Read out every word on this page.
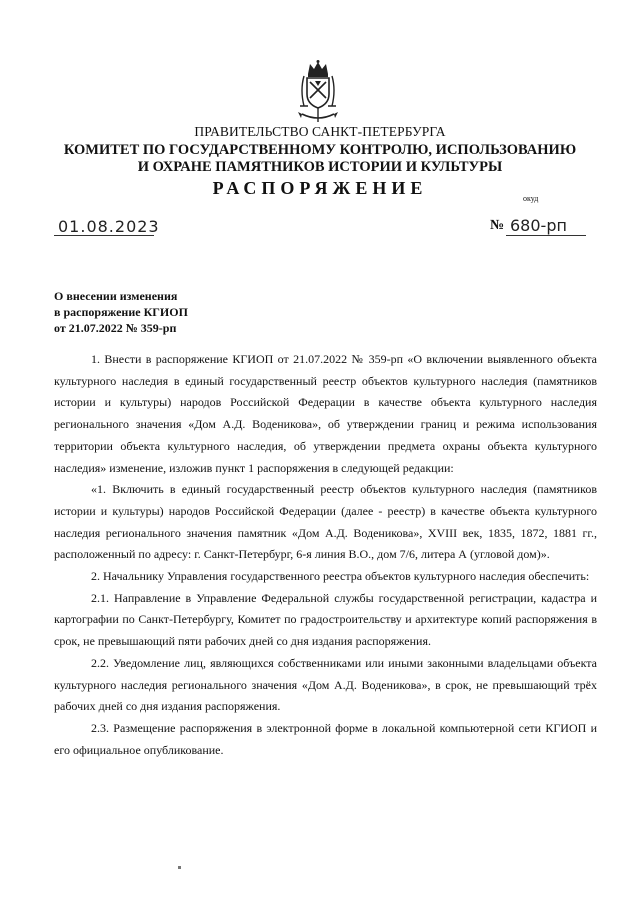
ПРАВИТЕЛЬСТВО САНКТ-ПЕТЕРБУРГА
КОМИТЕТ ПО ГОСУДАРСТВЕННОМУ КОНТРОЛЮ, ИСПОЛЬЗОВАНИЮ
И ОХРАНЕ ПАМЯТНИКОВ ИСТОРИИ И КУЛЬТУРЫ
РАСПОРЯЖЕНИЕ
окуд
01.08.2023	№ 680-рп
О внесении изменения
в распоряжение КГИОП
от 21.07.2022 № 359-рп

1. Внести в распоряжение КГИОП от 21.07.2022 № 359-рп «О включении выявленного объекта культурного наследия в единый государственный реестр объектов культурного наследия (памятников истории и культуры) народов Российской Федерации в качестве объекта культурного наследия регионального значения «Дом А.Д. Воденикова», об утверждении границ и режима использования территории объекта культурного наследия, об утверждении предмета охраны объекта культурного наследия» изменение, изложив пункт 1 распоряжения в следующей редакции:

«1. Включить в единый государственный реестр объектов культурного наследия (памятников истории и культуры) народов Российской Федерации (далее - реестр) в качестве объекта культурного наследия регионального значения памятник «Дом А.Д. Воденикова», XVIII век, 1835, 1872, 1881 гг., расположенный по адресу: г. Санкт-Петербург, 6-я линия В.О., дом 7/6, литера А (угловой дом)».

2. Начальнику Управления государственного реестра объектов культурного наследия обеспечить:

2.1. Направление в Управление Федеральной службы государственной регистрации, кадастра и картографии по Санкт-Петербургу, Комитет по градостроительству и архитектуре копий распоряжения в срок, не превышающий пяти рабочих дней со дня издания распоряжения.

2.2. Уведомление лиц, являющихся собственниками или иными законными владельцами объекта культурного наследия регионального значения «Дом А.Д. Воденикова», в срок, не превышающий трёх рабочих дней со дня издания распоряжения.

2.3. Размещение распоряжения в электронной форме в локальной компьютерной сети КГИОП и его официальное опубликование.
